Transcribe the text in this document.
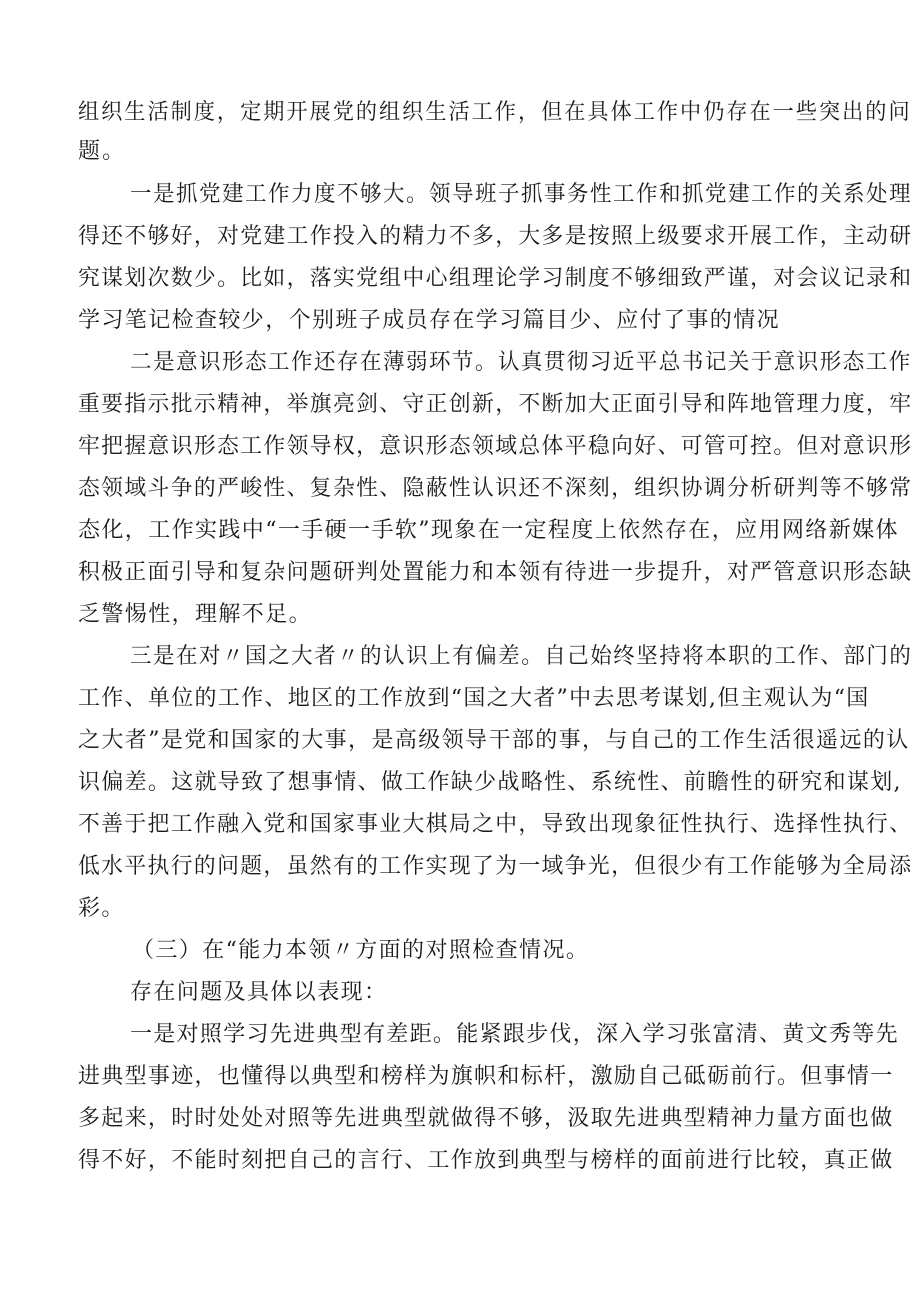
组织生活制度，定期开展党的组织生活工作，但在具体工作中仍存在一些突出的问
题。
一是抓党建工作力度不够大。领导班子抓事务性工作和抓党建工作的关系处理
得还不够好，对党建工作投入的精力不多，大多是按照上级要求开展工作，主动研
究谋划次数少。比如，落实党组中心组理论学习制度不够细致严谨，对会议记录和
学习笔记检查较少，个别班子成员存在学习篇目少、应付了事的情况
二是意识形态工作还存在薄弱环节。认真贯彻习近平总书记关于意识形态工作
重要指示批示精神，举旗亮剑、守正创新，不断加大正面引导和阵地管理力度，牢
牢把握意识形态工作领导权，意识形态领域总体平稳向好、可管可控。但对意识形
态领域斗争的严峻性、复杂性、隐蔽性认识还不深刻，组织协调分析研判等不够常
态化，工作实践中“一手硬一手软”现象在一定程度上依然存在，应用网络新媒体
积极正面引导和复杂问题研判处置能力和本领有待进一步提升，对严管意识形态缺
乏警惕性，理解不足。
三是在对〃国之大者〃的认识上有偏差。自己始终坚持将本职的工作、部门的
工作、单位的工作、地区的工作放到“国之大者”中去思考谋划,但主观认为“国
之大者”是党和国家的大事，是高级领导干部的事，与自己的工作生活很遥远的认
识偏差。这就导致了想事情、做工作缺少战略性、系统性、前瞻性的研究和谋划,
不善于把工作融入党和国家事业大棋局之中，导致出现象征性执行、选择性执行、
低水平执行的问题，虽然有的工作实现了为一域争光，但很少有工作能够为全局添
彩。
（三）在“能力本领〃方面的对照检查情况。
存在问题及具体以表现：
一是对照学习先进典型有差距。能紧跟步伐，深入学习张富清、黄文秀等先
进典型事迹，也懂得以典型和榜样为旗帜和标杆，激励自己砥砺前行。但事情一
多起来，时时处处对照等先进典型就做得不够，汲取先进典型精神力量方面也做
得不好，不能时刻把自己的言行、工作放到典型与榜样的面前进行比较，真正做
